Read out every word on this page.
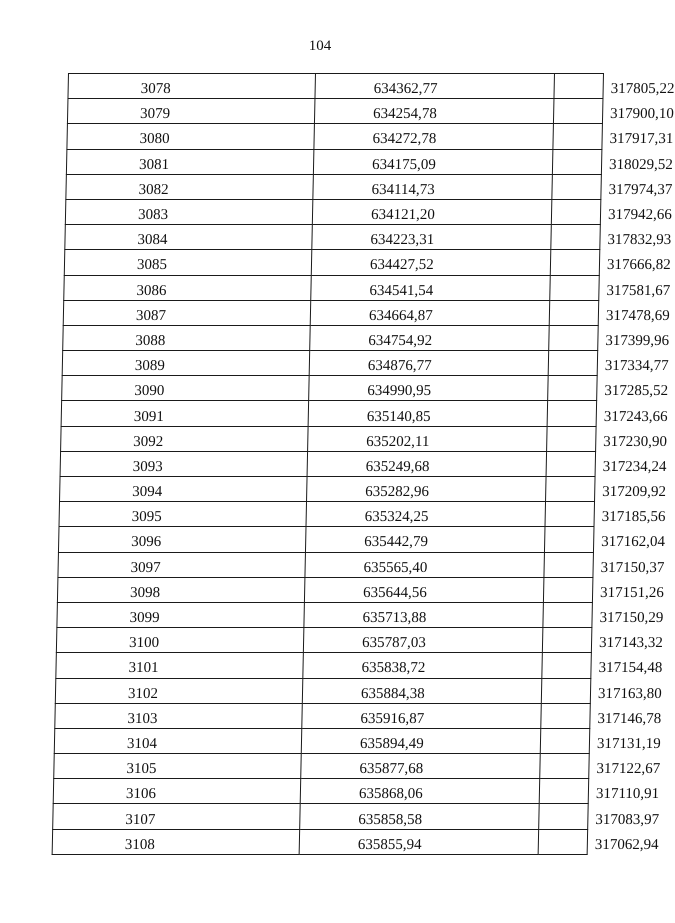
104
3078	634362,77	317805,22
3079	634254,78	317900,10
3080	634272,78	317917,31
3081	634175,09	318029,52
3082	634114,73	317974,37
3083	634121,20	317942,66
3084	634223,31	317832,93
3085	634427,52	317666,82
3086	634541,54	317581,67
3087	634664,87	317478,69
3088	634754,92	317399,96
3089	634876,77	317334,77
3090	634990,95	317285,52
3091	635140,85	317243,66
3092	635202,11	317230,90
3093	635249,68	317234,24
3094	635282,96	317209,92
3095	635324,25	317185,56
3096	635442,79	317162,04
3097	635565,40	317150,37
3098	635644,56	317151,26
3099	635713,88	317150,29
3100	635787,03	317143,32
3101	635838,72	317154,48
3102	635884,38	317163,80
3103	635916,87	317146,78
3104	635894,49	317131,19
3105	635877,68	317122,67
3106	635868,06	317110,91
3107	635858,58	317083,97
3108	635855,94	317062,94
